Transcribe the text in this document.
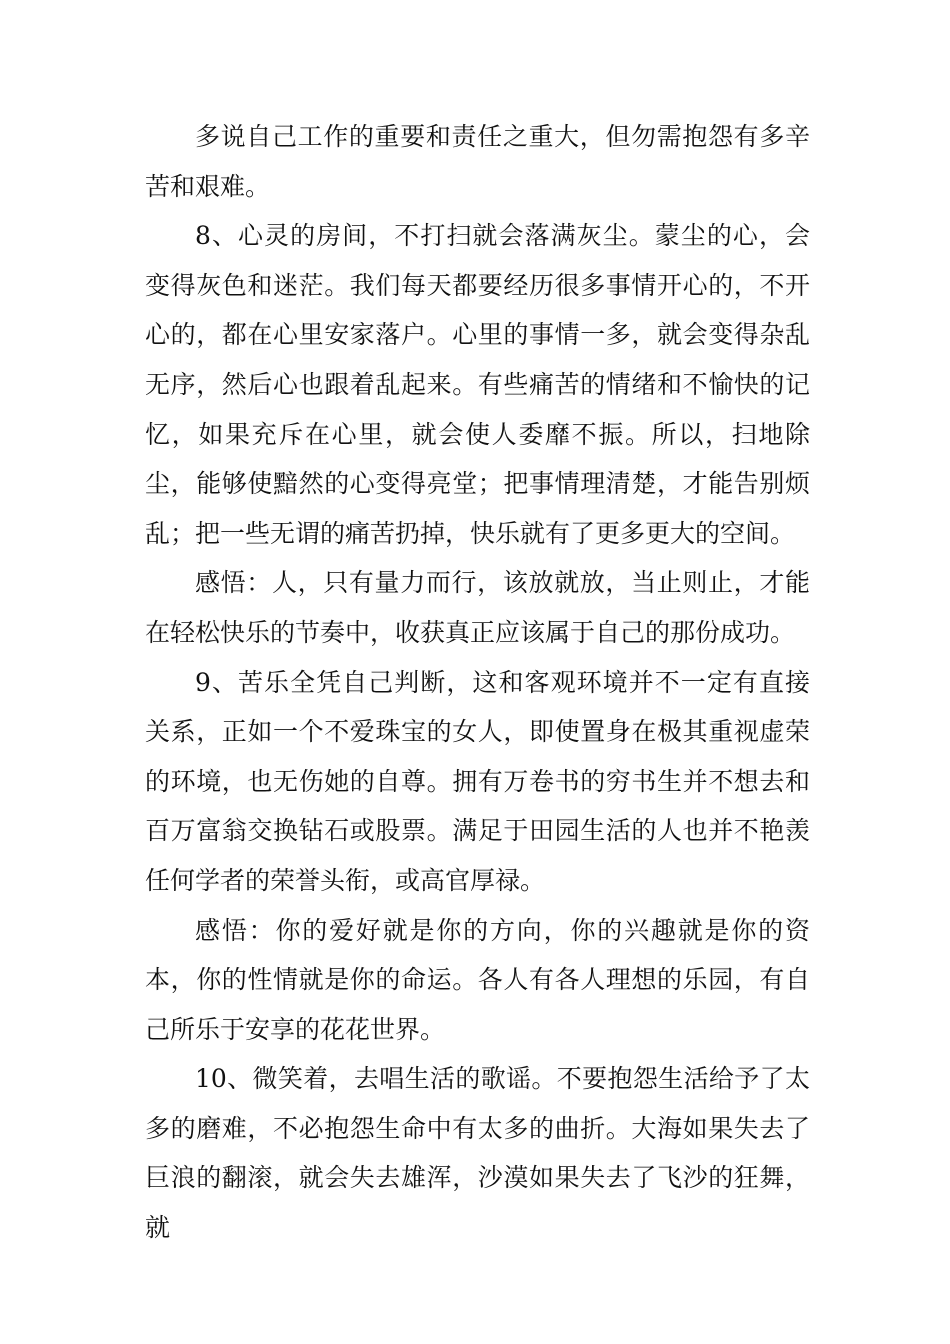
多说自己工作的重要和责任之重大，但勿需抱怨有多辛苦和艰难。

8、心灵的房间，不打扫就会落满灰尘。蒙尘的心，会变得灰色和迷茫。我们每天都要经历很多事情开心的，不开心的，都在心里安家落户。心里的事情一多，就会变得杂乱无序，然后心也跟着乱起来。有些痛苦的情绪和不愉快的记忆，如果充斥在心里，就会使人委靡不振。所以，扫地除尘，能够使黯然的心变得亮堂；把事情理清楚，才能告别烦乱；把一些无谓的痛苦扔掉，快乐就有了更多更大的空间。

感悟：人，只有量力而行，该放就放，当止则止，才能在轻松快乐的节奏中，收获真正应该属于自己的那份成功。

9、苦乐全凭自己判断，这和客观环境并不一定有直接关系，正如一个不爱珠宝的女人，即使置身在极其重视虚荣的环境，也无伤她的自尊。拥有万卷书的穷书生并不想去和百万富翁交换钻石或股票。满足于田园生活的人也并不艳羡任何学者的荣誉头衔，或高官厚禄。

感悟：你的爱好就是你的方向，你的兴趣就是你的资本，你的性情就是你的命运。各人有各人理想的乐园，有自己所乐于安享的花花世界。

10、微笑着，去唱生活的歌谣。不要抱怨生活给予了太多的磨难，不必抱怨生命中有太多的曲折。大海如果失去了巨浪的翻滚，就会失去雄浑，沙漠如果失去了飞沙的狂舞，就
